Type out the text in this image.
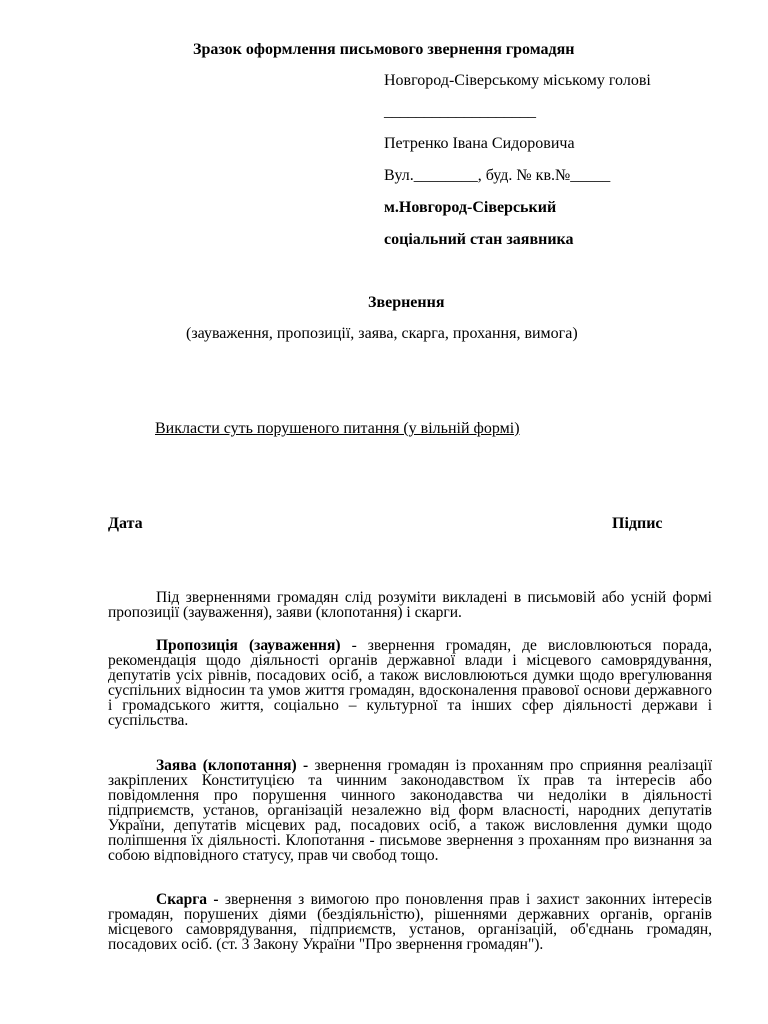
Зразок оформлення письмового звернення громадян
Новгород-Сіверському міському голові
___________________
Петренко Івана Сидоровича
Вул.________, буд. № кв.№_____
м.Новгород-Сіверський
соціальний стан заявника
Звернення
(зауваження, пропозиції, заява, скарга, прохання, вимога)
Викласти суть порушеного питання (у вільній формі)
Дата	Підпис
Під зверненнями громадян слід розуміти викладені в письмовій або усній формі пропозиції (зауваження), заяви (клопотання) і скарги.
Пропозиція (зауваження) - звернення громадян, де висловлюються порада, рекомендація щодо діяльності органів державної влади і місцевого самоврядування, депутатів усіх рівнів, посадових осіб, а також висловлюються думки щодо врегулювання суспільних відносин та умов життя громадян, вдосконалення правової основи державного і громадського життя, соціально – культурної та інших сфер діяльності держави і суспільства.
Заява (клопотання) - звернення громадян із проханням про сприяння реалізації закріплених Конституцією та чинним законодавством їх прав та інтересів або повідомлення про порушення чинного законодавства чи недоліки в діяльності підприємств, установ, організацій незалежно від форм власності, народних депутатів України, депутатів місцевих рад, посадових осіб, а також висловлення думки щодо поліпшення їх діяльності. Клопотання - письмове звернення з проханням про визнання за собою відповідного статусу, прав чи свобод тощо.
Скарга - звернення з вимогою про поновлення прав і захист законних інтересів громадян, порушених діями (бездіяльністю), рішеннями державних органів, органів місцевого самоврядування, підприємств, установ, організацій, об'єднань громадян, посадових осіб. (ст. 3 Закону України "Про звернення громадян").
